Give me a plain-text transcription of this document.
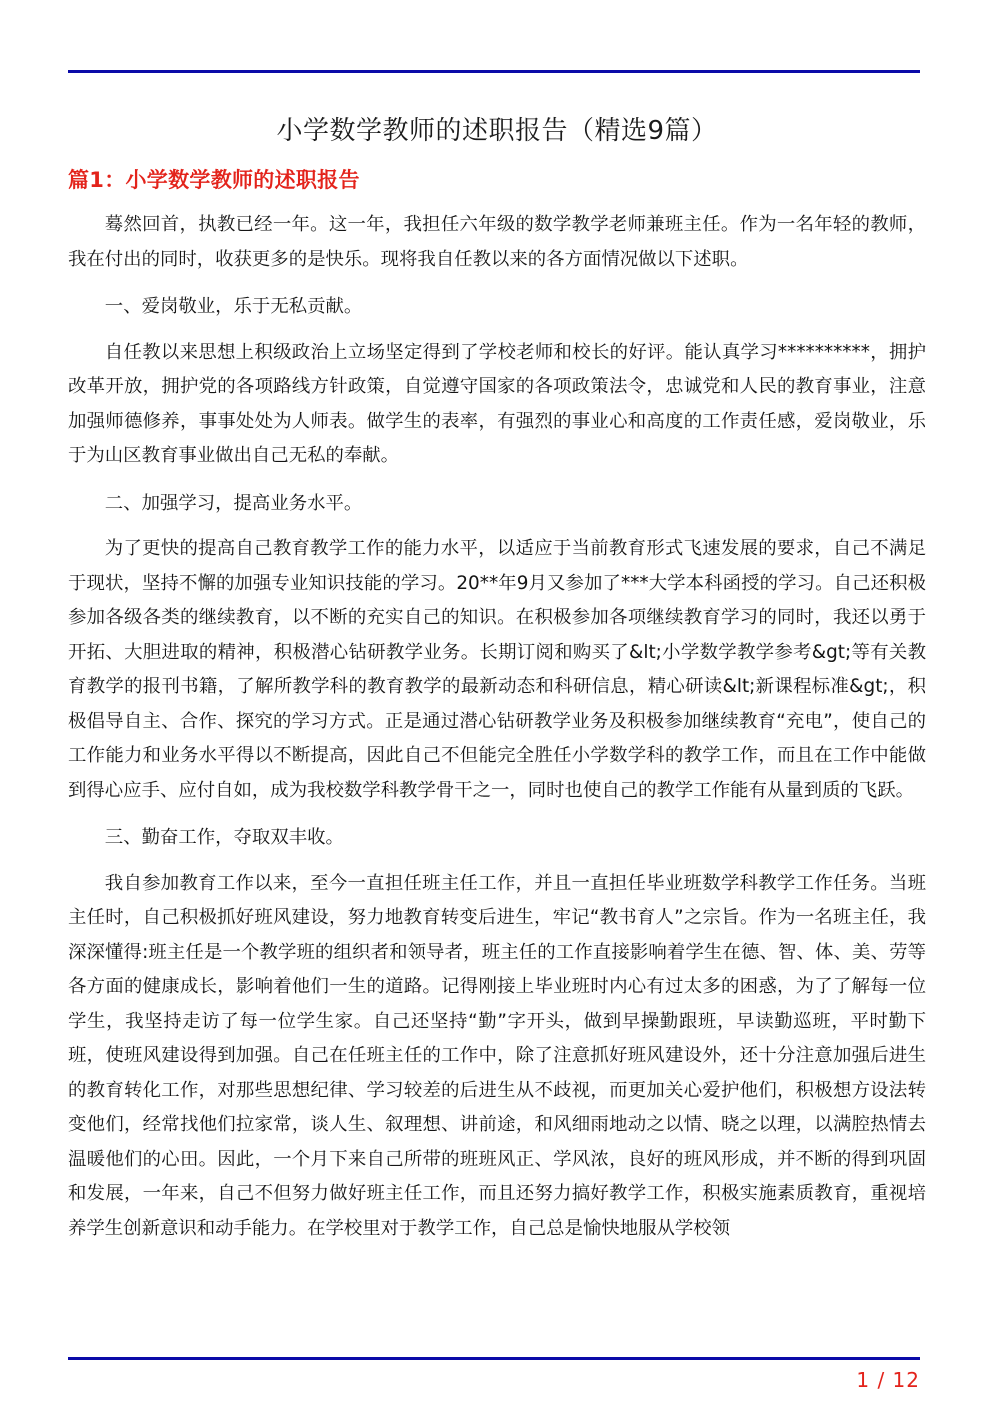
小学数学教师的述职报告（精选9篇）
篇1：小学数学教师的述职报告

蓦然回首，执教已经一年。这一年，我担任六年级的数学教学老师兼班主任。作为一名年轻的教师，我在付出的同时，收获更多的是快乐。现将我自任教以来的各方面情况做以下述职。

一、爱岗敬业，乐于无私贡献。

自任教以来思想上积级政治上立场坚定得到了学校老师和校长的好评。能认真学习**********，拥护改革开放，拥护党的各项路线方针政策，自觉遵守国家的各项政策法令，忠诚党和人民的教育事业，注意加强师德修养，事事处处为人师表。做学生的表率，有强烈的事业心和高度的工作责任感，爱岗敬业，乐于为山区教育事业做出自己无私的奉献。

二、加强学习，提高业务水平。

为了更快的提高自己教育教学工作的能力水平，以适应于当前教育形式飞速发展的要求，自己不满足于现状，坚持不懈的加强专业知识技能的学习。20**年9月又参加了***大学本科函授的学习。自己还积极参加各级各类的继续教育，以不断的充实自己的知识。在积极参加各项继续教育学习的同时，我还以勇于开拓、大胆进取的精神，积极潜心钻研教学业务。长期订阅和购买了&lt;小学数学教学参考&gt;等有关教育教学的报刊书籍，了解所教学科的教育教学的最新动态和科研信息，精心研读&lt;新课程标准&gt;，积极倡导自主、合作、探究的学习方式。正是通过潜心钻研教学业务及积极参加继续教育“充电”，使自己的工作能力和业务水平得以不断提高，因此自己不但能完全胜任小学数学科的教学工作，而且在工作中能做到得心应手、应付自如，成为我校数学科教学骨干之一，同时也使自己的教学工作能有从量到质的飞跃。

三、勤奋工作，夺取双丰收。

我自参加教育工作以来，至今一直担任班主任工作，并且一直担任毕业班数学科教学工作任务。当班主任时，自己积极抓好班风建设，努力地教育转变后进生，牢记“教书育人”之宗旨。作为一名班主任，我深深懂得:班主任是一个教学班的组织者和领导者，班主任的工作直接影响着学生在德、智、体、美、劳等各方面的健康成长，影响着他们一生的道路。记得刚接上毕业班时内心有过太多的困惑，为了了解每一位学生，我坚持走访了每一位学生家。自己还坚持“勤”字开头，做到早操勤跟班，早读勤巡班，平时勤下班，使班风建设得到加强。自己在任班主任的工作中，除了注意抓好班风建设外，还十分注意加强后进生的教育转化工作，对那些思想纪律、学习较差的后进生从不歧视，而更加关心爱护他们，积极想方设法转变他们，经常找他们拉家常，谈人生、叙理想、讲前途，和风细雨地动之以情、晓之以理，以满腔热情去温暖他们的心田。因此，一个月下来自己所带的班班风正、学风浓，良好的班风形成，并不断的得到巩固和发展，一年来，自己不但努力做好班主任工作，而且还努力搞好教学工作，积极实施素质教育，重视培养学生创新意识和动手能力。在学校里对于教学工作，自己总是愉快地服从学校领

1 / 12
